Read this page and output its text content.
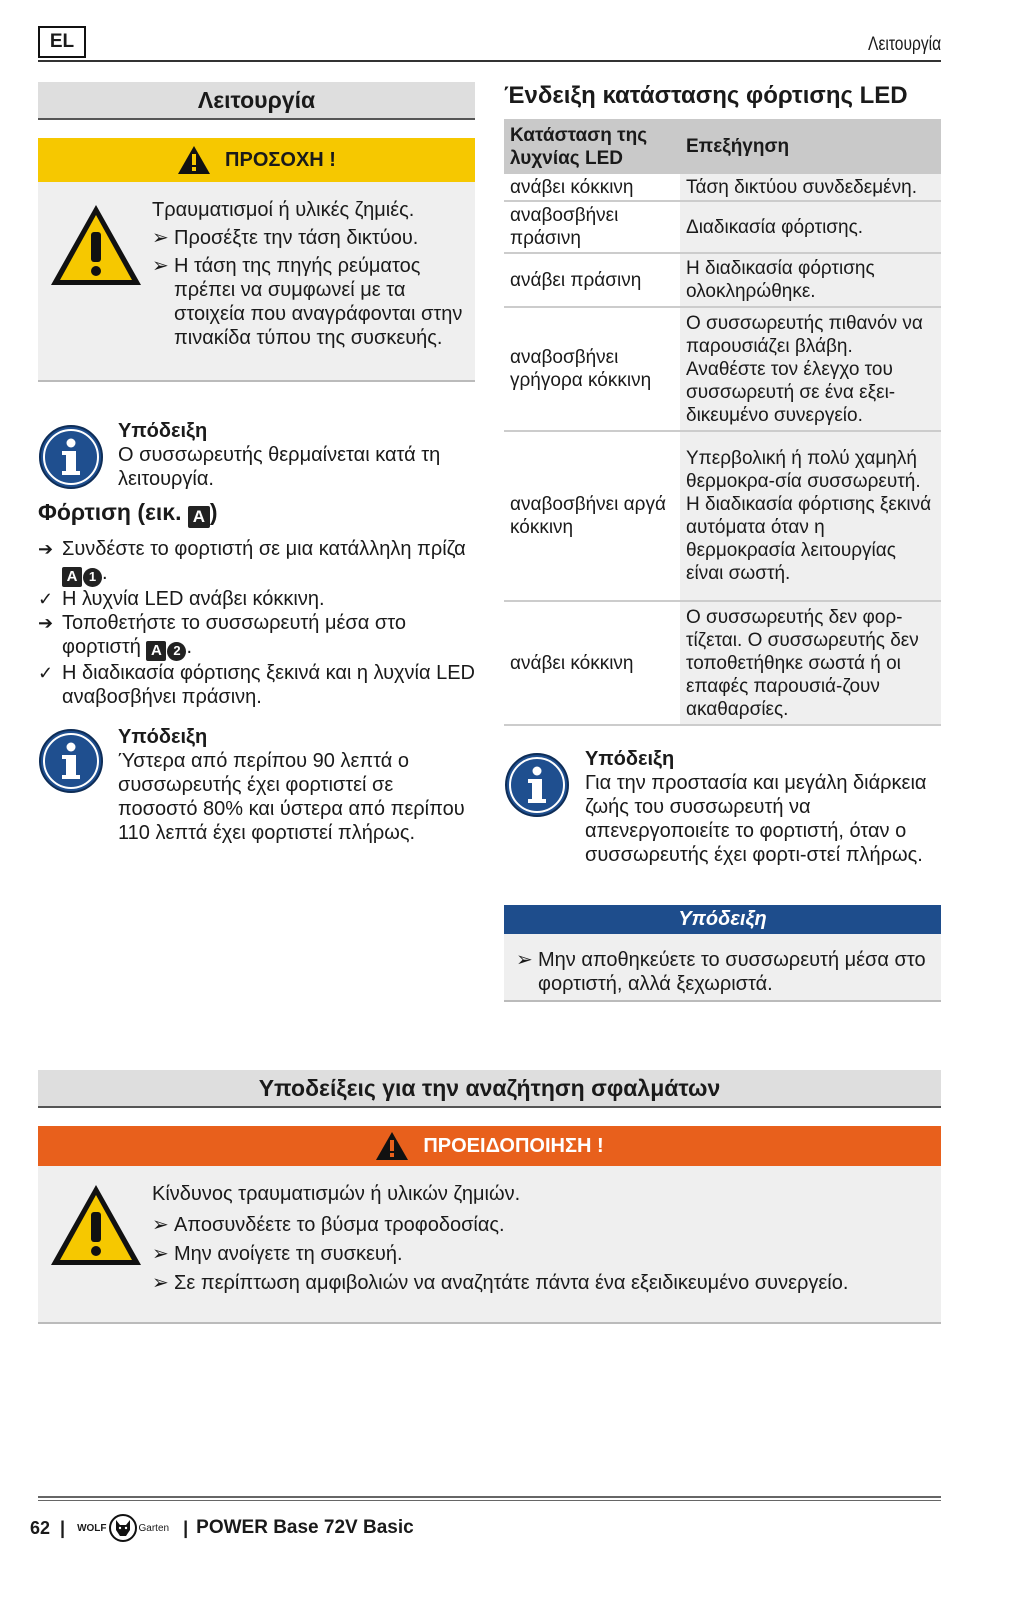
EL	Λειτουργία
Λειτουργία
ΠΡΟΣΟΧΗ !
Τραυματισμοί ή υλικές ζημιές.
➢ Προσέξτε την τάση δικτύου.
➢ Η τάση της πηγής ρεύματος πρέπει να συμφωνεί με τα στοιχεία που αναγράφονται στην πινακίδα τύπου της συσκευής.
Υπόδειξη
Ο συσσωρευτής θερμαίνεται κατά τη λειτουργία.
Φόρτιση (εικ. A )
➔ Συνδέστε το φορτιστή σε μια κατάλληλη πρίζα A 1 .
✓ Η λυχνία LED ανάβει κόκκινη.
➔ Τοποθετήστε το συσσωρευτή μέσα στο φορτιστή A 2 .
✓ Η διαδικασία φόρτισης ξεκινά και η λυχνία LED αναβοσβήνει πράσινη.
Υπόδειξη
Ύστερα από περίπου 90 λεπτά ο συσσωρευτής έχει φορτιστεί σε ποσοστό 80% και ύστερα από περίπου 110 λεπτά έχει φορτιστεί πλήρως.
Ένδειξη κατάστασης φόρτισης LED
Κατάσταση της λυχνίας LED	Επεξήγηση
ανάβει κόκκινη	Τάση δικτύου συνδεδεμένη.
αναβοσβήνει πράσινη	Διαδικασία φόρτισης.
ανάβει πράσινη	Η διαδικασία φόρτισης ολοκληρώθηκε.
αναβοσβήνει γρήγορα κόκκινη	Ο συσσωρευτής πιθανόν να παρουσιάζει βλάβη. Αναθέστε τον έλεγχο του συσσωρευτή σε ένα εξει-δικευμένο συνεργείο.
αναβοσβήνει αργά κόκκινη	Υπερβολική ή πολύ χαμηλή θερμοκρα-σία συσσωρευτή. Η διαδικασία φόρτισης ξεκινά αυτόματα όταν η θερμοκρασία λειτουργίας είναι σωστή.
ανάβει κόκκινη	Ο συσσωρευτής δεν φορ-τίζεται. Ο συσσωρευτής δεν τοποθετήθηκε σωστά ή οι επαφές παρουσιά-ζουν ακαθαρσίες.
Υπόδειξη
Για την προστασία και μεγάλη διάρκεια ζωής του συσσωρευτή να απενεργοποιείτε το φορτιστή, όταν ο συσσωρευτής έχει φορτι-στεί πλήρως.
Υπόδειξη
➢ Μην αποθηκεύετε το συσσωρευτή μέσα στο φορτιστή, αλλά ξεχωριστά.
Υποδείξεις για την αναζήτηση σφαλμάτων
ΠΡΟΕΙΔΟΠΟΙΗΣΗ !
Κίνδυνος τραυματισμών ή υλικών ζημιών.
➢ Αποσυνδέετε το βύσμα τροφοδοσίας.
➢ Μην ανοίγετε τη συσκευή.
➢ Σε περίπτωση αμφιβολιών να αναζητάτε πάντα ένα εξειδικευμένο συνεργείο.
62 | WOLF	Garten | POWER Base 72V Basic
